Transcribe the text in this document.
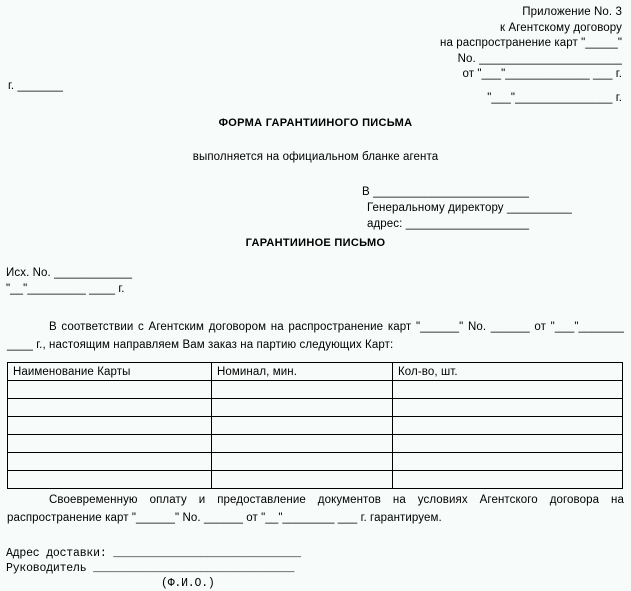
Приложение No. 3
к Агентскому договору
на распространение карт "_____"
No. ______________________
от "___"_____________ ___ г.
"___"_______________ г.
г. _______
ФОРМА ГАРАНТИИНОГО ПИСЬМА
выполняется на официальном бланке агента
В ________________________
Генеральному директору __________
адрес: ___________________
ГАРАНТИИНОЕ ПИСЬМО
Исх. No. ____________
"__"_________ ____ г.
В соответствии с Агентским договором на распространение карт "______" No. ______ от "___"_______ ____ г., настоящим направляем Вам заказ на партию следующих Карт:
Наименование Карты	Номинал, мин.	Кол-во, шт.

Своевременную оплату и предоставление документов на условиях Агентского договора на распространение карт "______" No. ______ от "__"________ ___ г. гарантируем.
Адрес доставки: ____________________________
Руководитель ______________________________
(Ф.И.О.)
